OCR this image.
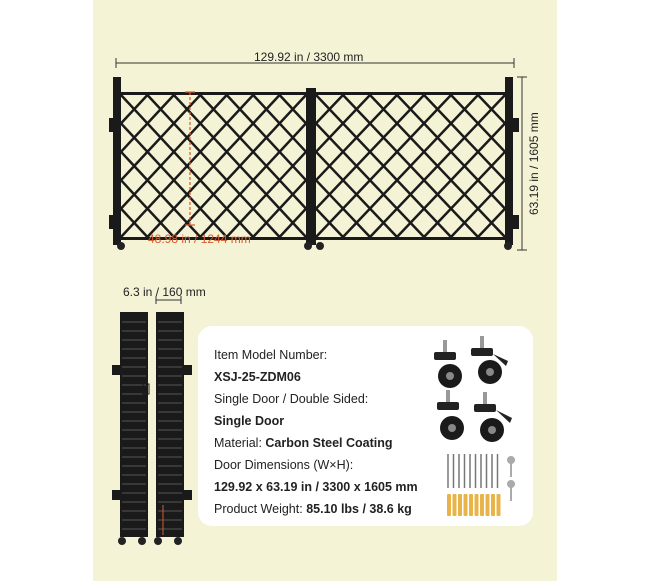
129.92 in / 3300 mm
63.19 in / 1605 mm
48.98 in / 1244 mm
6.3 in / 160 mm
Item Model Number:
XSJ-25-ZDM06
Single Door / Double Sided:
Single Door
Material: Carbon Steel Coating
Door Dimensions (W×H):
129.92 x 63.19 in / 3300 x 1605 mm
Product Weight: 85.10 lbs / 38.6 kg
